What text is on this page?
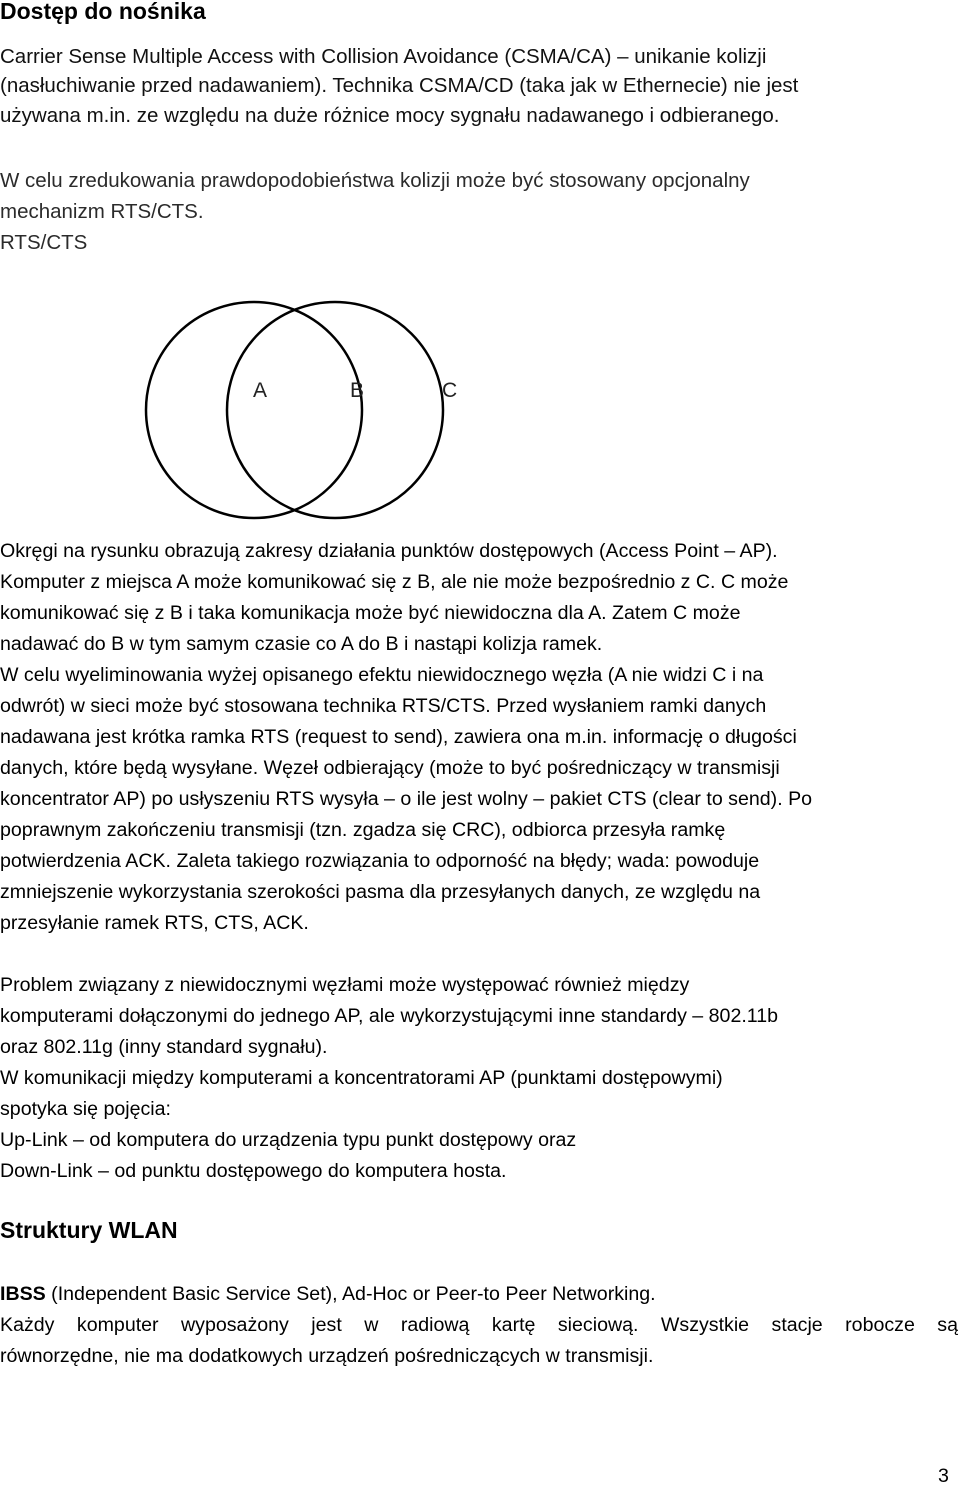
Dostęp do nośnika

Carrier Sense Multiple Access with Collision Avoidance (CSMA/CA) – unikanie kolizji

(nasłuchiwanie przed nadawaniem). Technika CSMA/CD (taka jak w Ethernecie) nie jest

używana m.in. ze względu na duże różnice mocy sygnału nadawanego i odbieranego.

W celu zredukowania prawdopodobieństwa kolizji może być stosowany opcjonalny

mechanizm RTS/CTS.

RTS/CTS

A	B	C

Okręgi na rysunku obrazują zakresy działania punktów dostępowych (Access Point – AP).

Komputer z miejsca A może komunikować się z B, ale nie może bezpośrednio z C. C może

komunikować się z B i taka komunikacja może być niewidoczna dla A. Zatem C może

nadawać do B w tym samym czasie co A do B i nastąpi kolizja ramek.

W celu wyeliminowania wyżej opisanego efektu niewidocznego węzła (A nie widzi C i na

odwrót) w sieci może być stosowana technika RTS/CTS. Przed wysłaniem ramki danych

nadawana jest krótka ramka RTS (request to send), zawiera ona m.in. informację o długości

danych, które będą wysyłane. Węzeł odbierający (może to być pośredniczący w transmisji

koncentrator AP) po usłyszeniu RTS wysyła – o ile jest wolny – pakiet CTS (clear to send). Po

poprawnym zakończeniu transmisji (tzn. zgadza się CRC), odbiorca przesyła ramkę

potwierdzenia ACK. Zaleta takiego rozwiązania to odporność na błędy; wada: powoduje

zmniejszenie wykorzystania szerokości pasma dla przesyłanych danych, ze względu na

przesyłanie ramek RTS, CTS, ACK.

Problem związany z niewidocznymi węzłami może występować również między

komputerami dołączonymi do jednego AP, ale wykorzystującymi inne standardy – 802.11b

oraz 802.11g (inny standard sygnału).

W komunikacji między komputerami a koncentratorami AP (punktami dostępowymi)

spotyka się pojęcia:

Up-Link – od komputera do urządzenia typu punkt dostępowy oraz

Down-Link – od punktu dostępowego do komputera hosta.

Struktury WLAN

IBSS (Independent Basic Service Set), Ad-Hoc or Peer-to Peer Networking.

Każdy komputer wyposażony jest w radiową kartę sieciową. Wszystkie stacje robocze są

równorzędne, nie ma dodatkowych urządzeń pośredniczących w transmisji.

3
